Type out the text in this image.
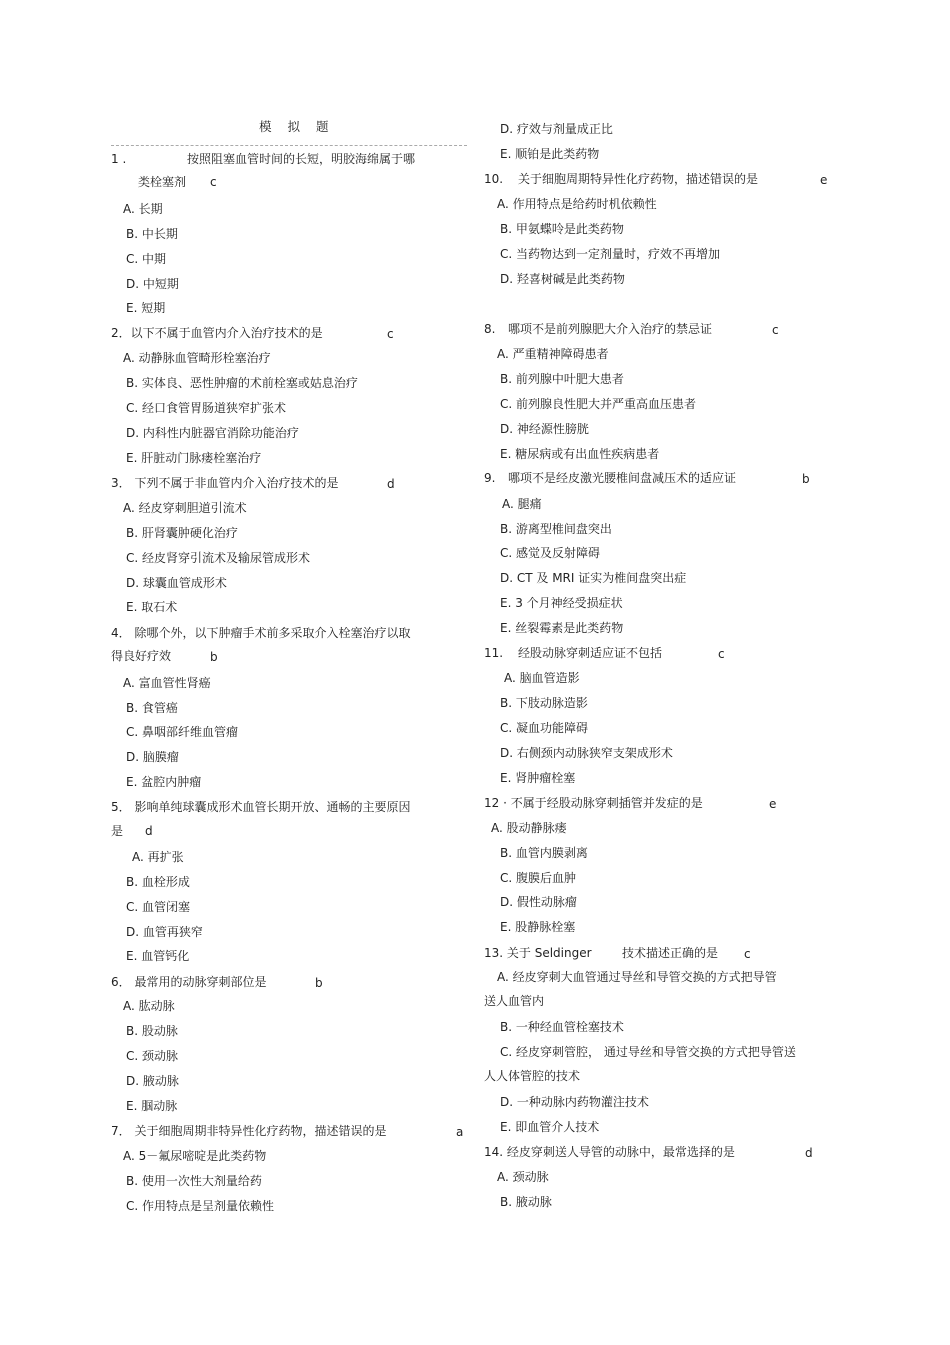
模 拟 题
1 .	按照阻塞血管时间的长短，明胶海绵属于哪
类栓塞剂 c
A. 长期
B. 中长期
C. 中期
D. 中短期
E. 短期
2．以下不属于血管内介入治疗技术的是	c
A. 动静脉血管畸形栓塞治疗
B. 实体良、恶性肿瘤的术前栓塞或姑息治疗
C. 经口食管胃肠道狭窄扩张术
D. 内科性内脏器官消除功能治疗
E. 肝脏动门脉瘘栓塞治疗
3． 下列不属于非血管内介入治疗技术的是	d
A. 经皮穿刺胆道引流术
B. 肝肾囊肿硬化治疗
C. 经皮肾穿引流术及输尿管成形术
D. 球囊血管成形术
E. 取石术
4． 除哪个外，以下肿瘤手术前多采取介入栓塞治疗以取
得良好疗效	b
A. 富血管性肾癌
B. 食管癌
C. 鼻咽部纤维血管瘤
D. 脑膜瘤
E. 盆腔内肿瘤
5． 影响单纯球囊成形术血管长期开放、通畅的主要原因
是 d
A. 再扩张
B. 血栓形成
C. 血管闭塞
D. 血管再狭窄
E. 血管钙化
6． 最常用的动脉穿刺部位是	b
A. 肱动脉
B. 股动脉
C. 颈动脉
D. 腋动脉
E. 腘动脉
7． 关于细胞周期非特异性化疗药物，描述错误的是	a
A. 5－氟尿嘧啶是此类药物
B. 使用一次性大剂量给药
C. 作用特点是呈剂量依赖性
D. 疗效与剂量成正比
E. 顺铂是此类药物
10. 关于细胞周期特异性化疗药物，描述错误的是	e
A. 作用特点是给药时机依赖性
B. 甲氨蝶呤是此类药物
C. 当药物达到一定剂量时，疗效不再增加
D. 羟喜树碱是此类药物
8. 哪项不是前列腺肥大介入治疗的禁忌证	c
A. 严重精神障碍患者
B. 前列腺中叶肥大患者
C. 前列腺良性肥大并严重高血压患者
D. 神经源性膀胱
E. 糖尿病或有出血性疾病患者
9. 哪项不是经皮激光腰椎间盘减压术的适应证	b
A. 腿痛
B. 游离型椎间盘突出
C. 感觉及反射障碍
D. CT 及 MRI 证实为椎间盘突出症
E. 3 个月神经受损症状
E. 丝裂霉素是此类药物
11. 经股动脉穿刺适应证不包括	c
A. 脑血管造影
B. 下肢动脉造影
C. 凝血功能障碍
D. 右侧颈内动脉狭窄支架成形术
E. 肾肿瘤栓塞
12 · 不属于经股动脉穿刺插管并发症的是	e
A. 股动静脉瘘
B. 血管内膜剥离
C. 腹膜后血肿
D. 假性动脉瘤
E. 股静脉栓塞
13. 关于 Seldinger	技术描述正确的是 c
A. 经皮穿刺大血管通过导丝和导管交换的方式把导管
送人血管内
B. 一种经血管栓塞技术
C. 经皮穿刺管腔， 通过导丝和导管交换的方式把导管送
人人体管腔的技术
D. 一种动脉内药物灌注技术
E. 即血管介人技术
14. 经皮穿刺送人导管的动脉中，最常选择的是	d
A. 颈动脉
B. 腋动脉
